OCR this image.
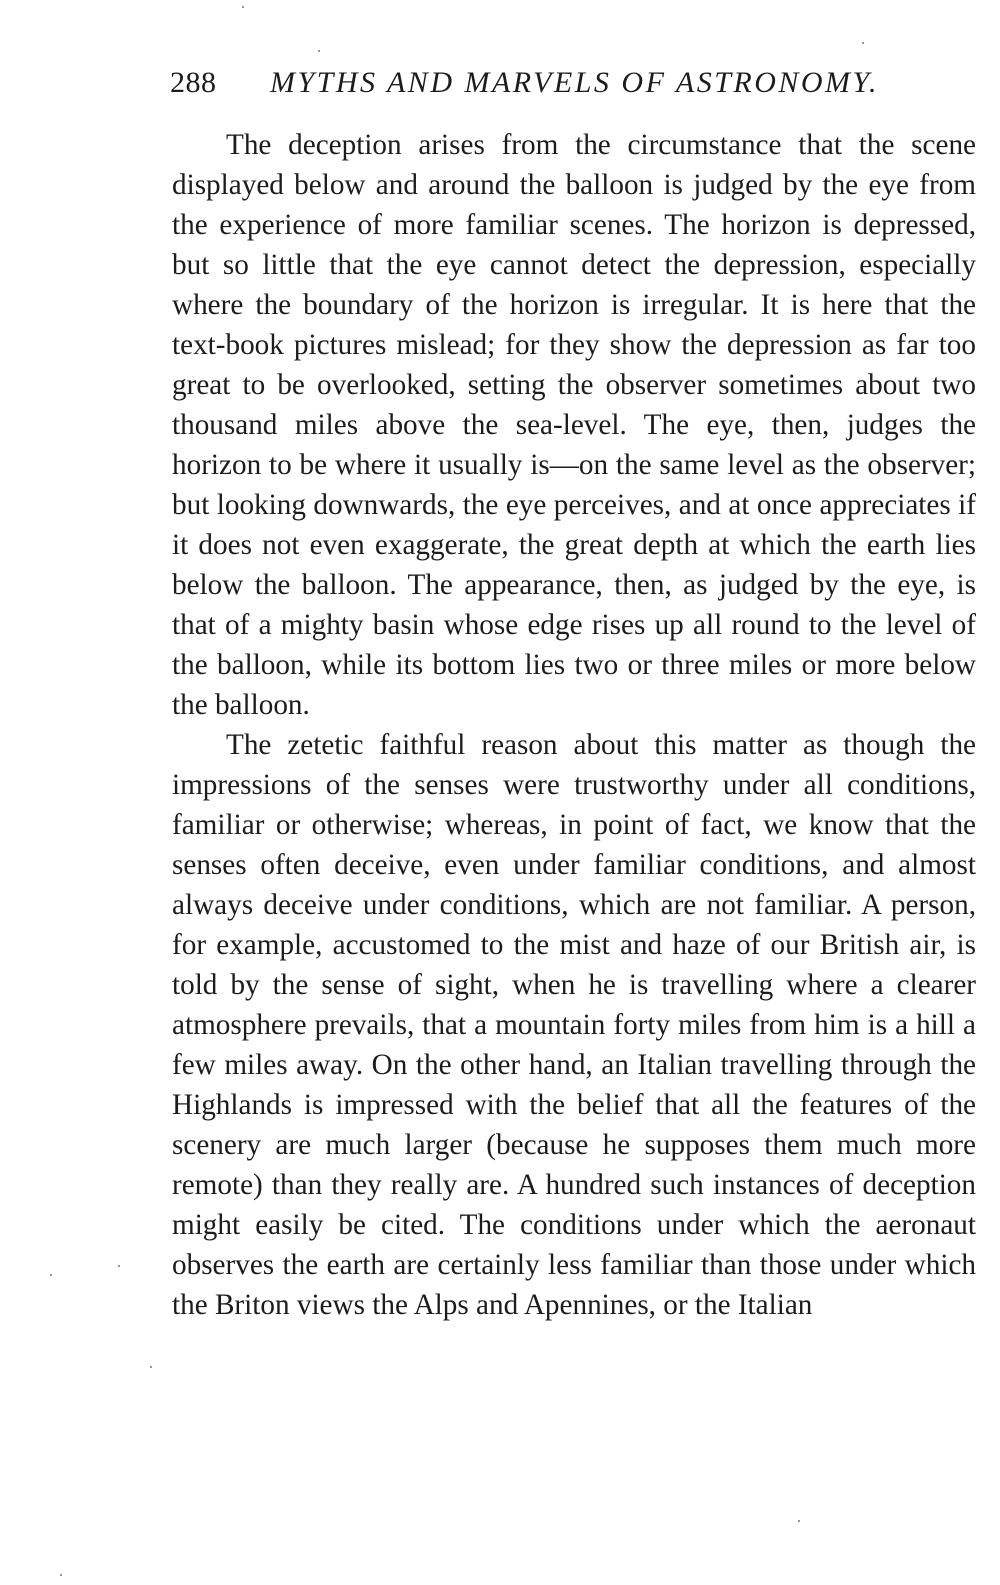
288 MYTHS AND MARVELS OF ASTRONOMY.

The deception arises from the circumstance that the scene displayed below and around the balloon is judged by the eye from the experience of more familiar scenes. The horizon is depressed, but so little that the eye cannot detect the depression, especially where the boundary of the horizon is irregular. It is here that the text-book pictures mislead; for they show the depression as far too great to be overlooked, setting the observer sometimes about two thousand miles above the sea-level. The eye, then, judges the horizon to be where it usually is—on the same level as the observer; but looking downwards, the eye perceives, and at once appreciates if it does not even exaggerate, the great depth at which the earth lies below the balloon. The appearance, then, as judged by the eye, is that of a mighty basin whose edge rises up all round to the level of the balloon, while its bottom lies two or three miles or more below the balloon.

The zetetic faithful reason about this matter as though the impressions of the senses were trustworthy under all conditions, familiar or otherwise; whereas, in point of fact, we know that the senses often deceive, even under familiar conditions, and almost always deceive under conditions, which are not familiar. A person, for example, accustomed to the mist and haze of our British air, is told by the sense of sight, when he is travelling where a clearer atmosphere prevails, that a mountain forty miles from him is a hill a few miles away. On the other hand, an Italian travelling through the Highlands is impressed with the belief that all the features of the scenery are much larger (because he supposes them much more remote) than they really are. A hundred such instances of deception might easily be cited. The conditions under which the aeronaut observes the earth are certainly less familiar than those under which the Briton views the Alps and Apennines, or the Italian
